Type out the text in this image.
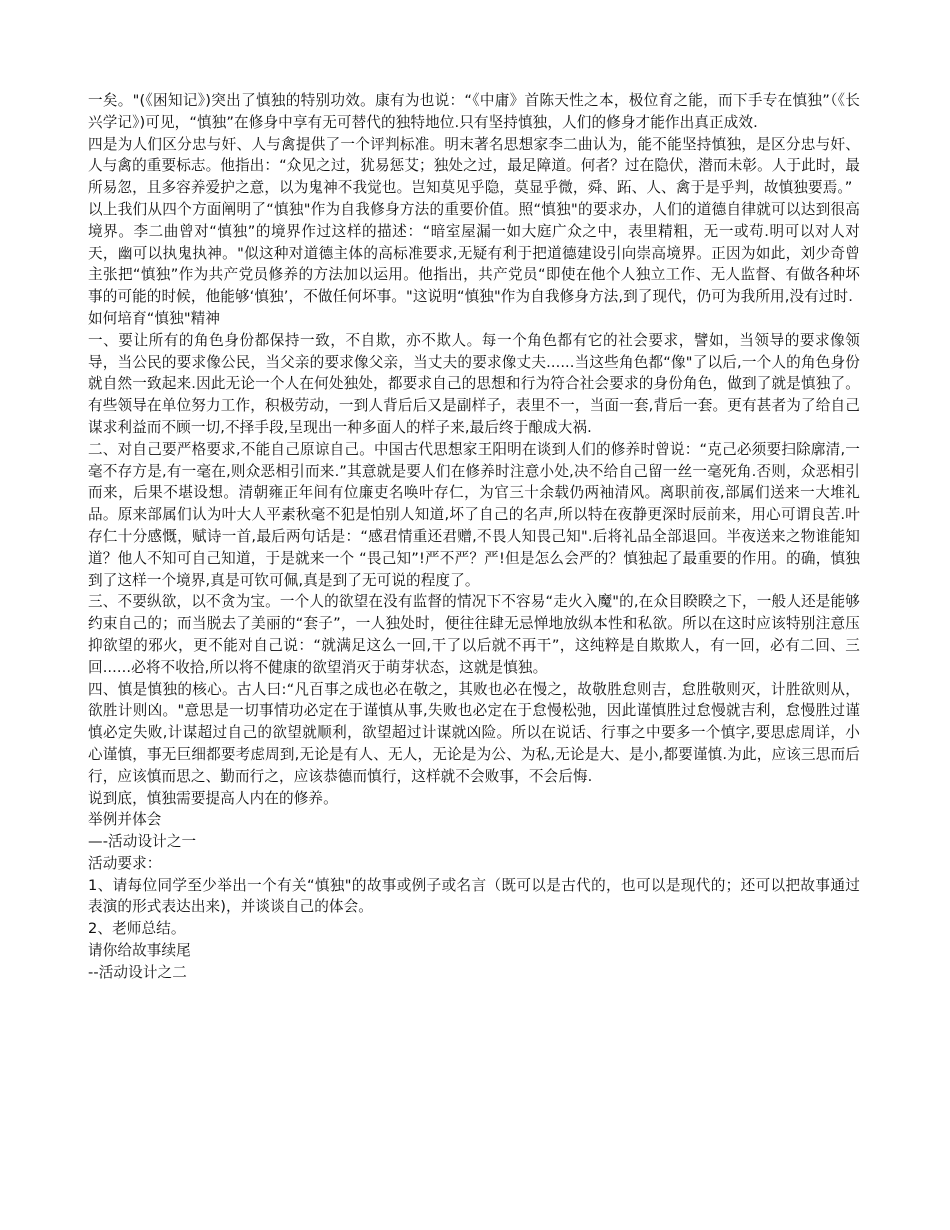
一矣。"(《困知记》)突出了慎独的特别功效。康有为也说：“《中庸》首陈天性之本，极位育之能，而下手专在慎独”（《长兴学记》)可见，“慎独”在修身中享有无可替代的独特地位.只有坚持慎独，人们的修身才能作出真正成效.

四是为人们区分忠与奸、人与禽提供了一个评判标准。明末著名思想家李二曲认为，能不能坚持慎独，是区分忠与奸、人与禽的重要标志。他指出：“众见之过，犹易惩艾；独处之过，最足障道。何者？过在隐伏，潜而未彰。人于此时，最所易忽，且多容养爱护之意，以为鬼神不我觉也。岂知莫见乎隐，莫显乎微，舜、跖、人、禽于是乎判，故慎独要焉。”

以上我们从四个方面阐明了“慎独"作为自我修身方法的重要价值。照“慎独"的要求办，人们的道德自律就可以达到很高境界。李二曲曾对“慎独”的境界作过这样的描述：“暗室屋漏一如大庭广众之中，表里精粗，无一或苟.明可以对人对天，幽可以执鬼执神。"似这种对道德主体的高标准要求,无疑有利于把道德建设引向崇高境界。正因为如此，刘少奇曾主张把“慎独”作为共产党员修养的方法加以运用。他指出，共产党员“即使在他个人独立工作、无人监督、有做各种坏事的可能的时候，他能够‘慎独’，不做任何坏事。"这说明“慎独"作为自我修身方法,到了现代，仍可为我所用,没有过时.

如何培育“慎独"精神

一、要让所有的角色身份都保持一致，不自欺，亦不欺人。每一个角色都有它的社会要求，譬如，当领导的要求像领导，当公民的要求像公民，当父亲的要求像父亲，当丈夫的要求像丈夫......当这些角色都“像"了以后,一个人的角色身份就自然一致起来.因此无论一个人在何处独处，都要求自己的思想和行为符合社会要求的身份角色，做到了就是慎独了。有些领导在单位努力工作，积极劳动，一到人背后后又是副样子，表里不一，当面一套,背后一套。更有甚者为了给自己谋求利益而不顾一切,不择手段,呈现出一种多面人的样子来,最后终于酿成大祸.

二、对自己要严格要求,不能自己原谅自己。中国古代思想家王阳明在谈到人们的修养时曾说：“克己必须要扫除廓清,一毫不存方是,有一毫在,则众恶相引而来.”其意就是要人们在修养时注意小处,决不给自己留一丝一毫死角.否则，众恶相引而来，后果不堪设想。清朝雍正年间有位廉吏名唤叶存仁，为官三十余载仍两袖清风。离职前夜,部属们送来一大堆礼品。原来部属们认为叶大人平素秋毫不犯是怕别人知道,坏了自己的名声,所以特在夜静更深时辰前来，用心可谓良苦.叶存仁十分感慨，赋诗一首,最后两句话是：“感君情重还君赠,不畏人知畏己知".后将礼品全部退回。半夜送来之物谁能知道？他人不知可自己知道，于是就来一个 “畏己知”!严不严？严!但是怎么会严的？慎独起了最重要的作用。的确，慎独到了这样一个境界,真是可钦可佩,真是到了无可说的程度了。

三、不要纵欲，以不贪为宝。一个人的欲望在没有监督的情况下不容易“走火入魔"的,在众目睽睽之下，一般人还是能够约束自己的；而当脱去了美丽的“套子”，一人独处时，便往往肆无忌惮地放纵本性和私欲。所以在这时应该特别注意压抑欲望的邪火，更不能对自己说：“就满足这么一回,干了以后就不再干”，这纯粹是自欺欺人，有一回，必有二回、三回......必将不收拾,所以将不健康的欲望消灭于萌芽状态，这就是慎独。

四、慎是慎独的核心。古人曰:“凡百事之成也必在敬之，其败也必在慢之，故敬胜怠则吉，怠胜敬则灭，计胜欲则从，欲胜计则凶。"意思是一切事情功必定在于谨慎从事,失败也必定在于怠慢松弛，因此谨慎胜过怠慢就吉利，怠慢胜过谨慎必定失败,计谋超过自己的欲望就顺利，欲望超过计谋就凶险。所以在说话、行事之中要多一个慎字,要思虑周详，小心谨慎，事无巨细都要考虑周到,无论是有人、无人，无论是为公、为私,无论是大、是小,都要谨慎.为此，应该三思而后行，应该慎而思之、勤而行之，应该恭德而慎行，这样就不会败事，不会后悔.

说到底，慎独需要提高人内在的修养。

举例并体会

—-活动设计之一

活动要求：

1、请每位同学至少举出一个有关“慎独"的故事或例子或名言（既可以是古代的，也可以是现代的；还可以把故事通过表演的形式表达出来)，并谈谈自己的体会。

2、老师总结。

请你给故事续尾

--活动设计之二
